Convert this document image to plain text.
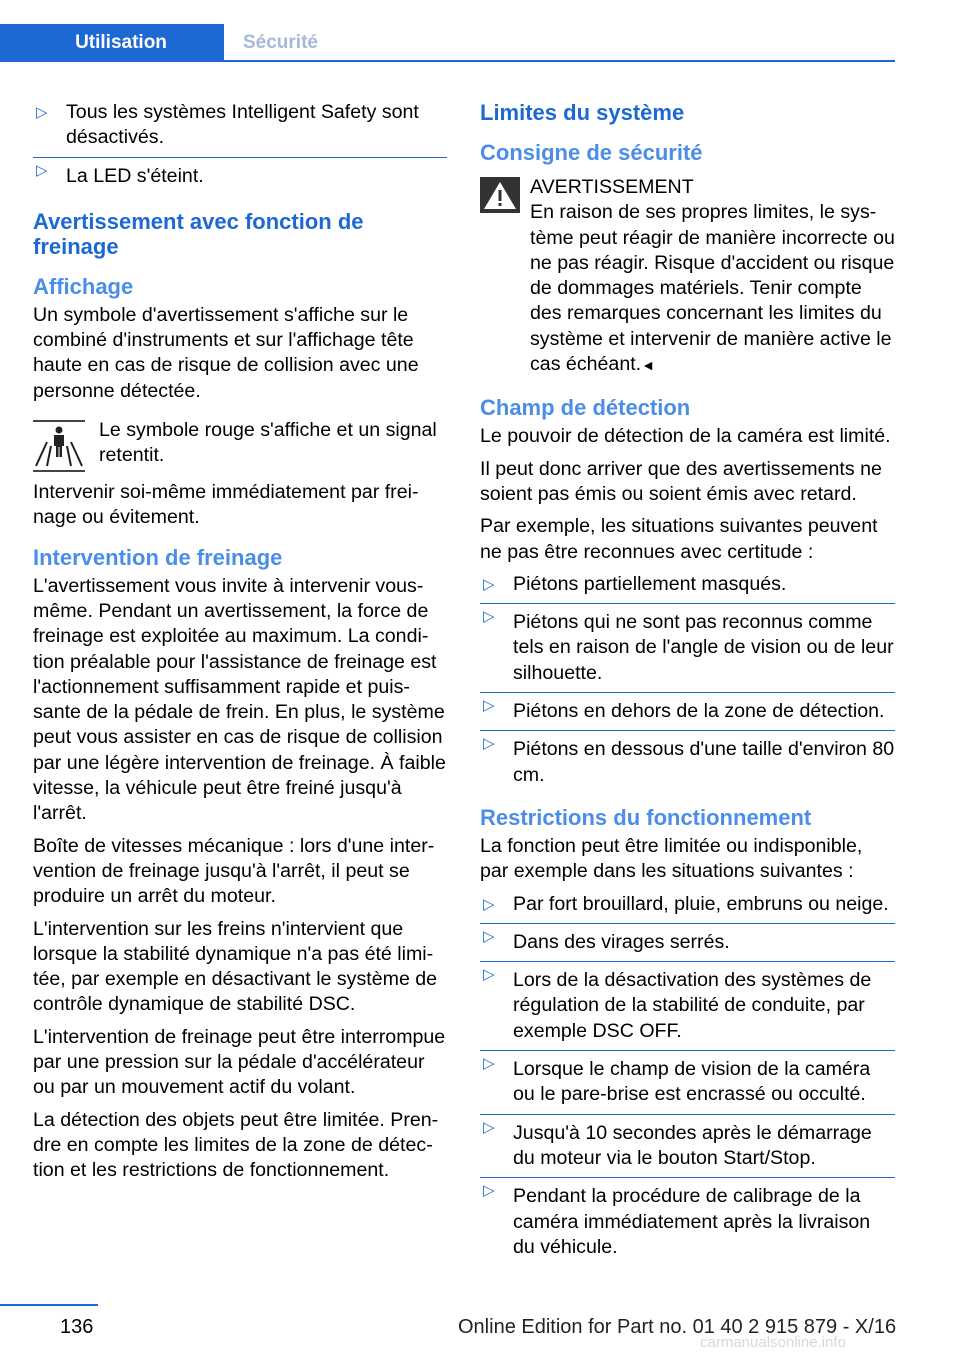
Utilisation	Sécurité
▷ Tous les systèmes Intelligent Safety sont désactivés.
▷ La LED s'éteint.
Avertissement avec fonction de freinage
Affichage

Un symbole d'avertissement s'affiche sur le combiné d'instruments et sur l'affichage tête haute en cas de risque de collision avec une personne détectée.

Le symbole rouge s'affiche et un signal retentit.

Intervenir soi-même immédiatement par freinage ou évitement.

Intervention de freinage

L'avertissement vous invite à intervenir vous-même. Pendant un avertissement, la force de freinage est exploitée au maximum. La condition préalable pour l'assistance de freinage est l'actionnement suffisamment rapide et puissante de la pédale de frein. En plus, le système peut vous assister en cas de risque de collision par une légère intervention de freinage. À faible vitesse, la véhicule peut être freiné jusqu'à l'arrêt.

Boîte de vitesses mécanique : lors d'une intervention de freinage jusqu'à l'arrêt, il peut se produire un arrêt du moteur.

L'intervention sur les freins n'intervient que lorsque la stabilité dynamique n'a pas été limitée, par exemple en désactivant le système de contrôle dynamique de stabilité DSC.

L'intervention de freinage peut être interrompue par une pression sur la pédale d'accélérateur ou par un mouvement actif du volant.

La détection des objets peut être limitée. Prendre en compte les limites de la zone de détection et les restrictions de fonctionnement.

Limites du système
Consigne de sécurité
AVERTISSEMENT

En raison de ses propres limites, le système peut réagir de manière incorrecte ou ne pas réagir. Risque d'accident ou risque de dommages matériels. Tenir compte des remarques concernant les limites du système et intervenir de manière active le cas échéant.◄

Champ de détection

Le pouvoir de détection de la caméra est limité.

Il peut donc arriver que des avertissements ne soient pas émis ou soient émis avec retard.

Par exemple, les situations suivantes peuvent ne pas être reconnues avec certitude :

▷ Piétons partiellement masqués.
▷ Piétons qui ne sont pas reconnus comme tels en raison de l'angle de vision ou de leur silhouette.
▷ Piétons en dehors de la zone de détection.
▷ Piétons en dessous d'une taille d'environ 80 cm.
Restrictions du fonctionnement

La fonction peut être limitée ou indisponible, par exemple dans les situations suivantes :

▷ Par fort brouillard, pluie, embruns ou neige.
▷ Dans des virages serrés.
▷ Lors de la désactivation des systèmes de régulation de la stabilité de conduite, par exemple DSC OFF.
▷ Lorsque le champ de vision de la caméra ou le pare-brise est encrassé ou occulté.
▷ Jusqu'à 10 secondes après le démarrage du moteur via le bouton Start/Stop.
▷ Pendant la procédure de calibrage de la caméra immédiatement après la livraison du véhicule.
136	Online Edition for Part no. 01 40 2 915 879 - X/16
carmanualsonline.info
